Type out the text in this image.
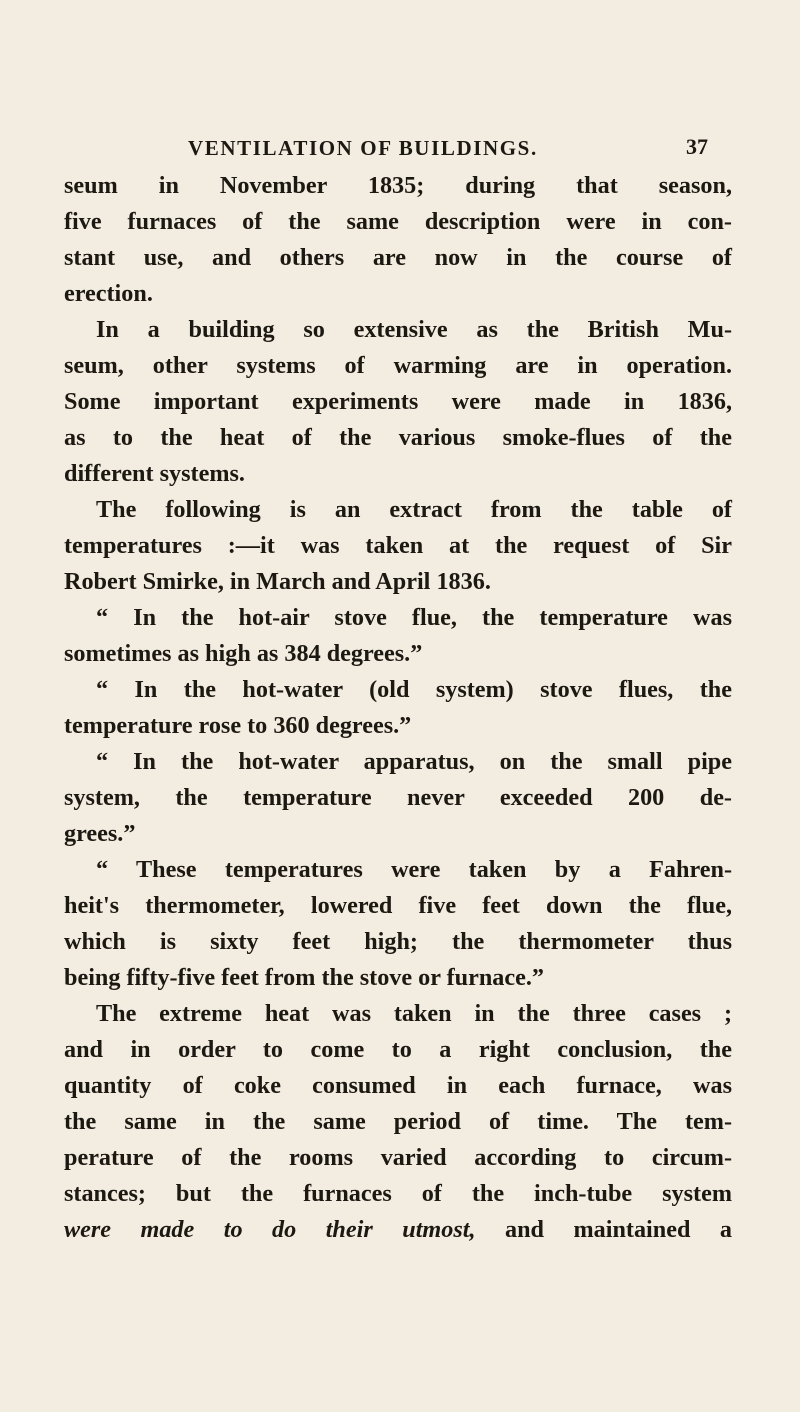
VENTILATION OF BUILDINGS.	37
seum in November 1835; during that season,
five furnaces of the same description were in con-
stant use, and others are now in the course of
erection.
In a building so extensive as the British Mu-
seum, other systems of warming are in operation.
Some important experiments were made in 1836,
as to the heat of the various smoke-flues of the
different systems.
The following is an extract from the table of
temperatures :—it was taken at the request of Sir
Robert Smirke, in March and April 1836.
“ In the hot-air stove flue, the temperature was
sometimes as high as 384 degrees.”
“ In the hot-water (old system) stove flues, the
temperature rose to 360 degrees.”
“ In the hot-water apparatus, on the small pipe
system, the temperature never exceeded 200 de-
grees.”
“ These temperatures were taken by a Fahren-
heit's thermometer, lowered five feet down the flue,
which is sixty feet high; the thermometer thus
being fifty-five feet from the stove or furnace.”
The extreme heat was taken in the three cases ;
and in order to come to a right conclusion, the
quantity of coke consumed in each furnace, was
the same in the same period of time. The tem-
perature of the rooms varied according to circum-
stances; but the furnaces of the inch-tube system
were made to do their utmost, and maintained a
